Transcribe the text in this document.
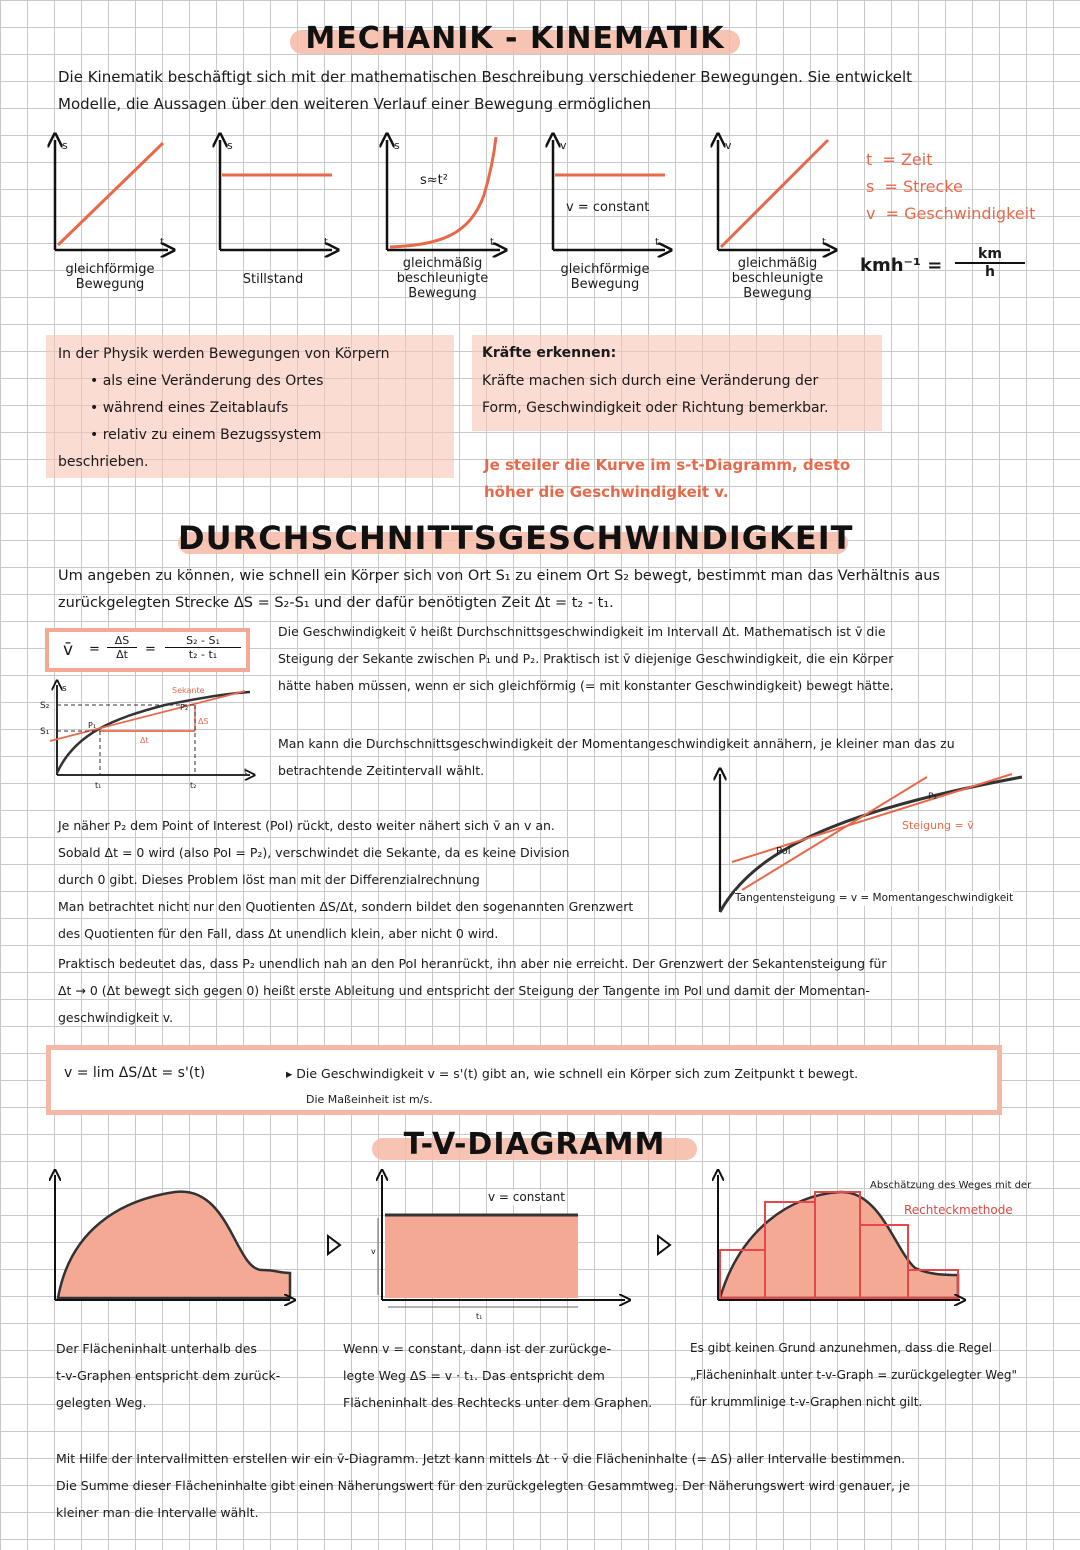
MECHANIK - KINEMATIK
Die Kinematik beschäftigt sich mit der mathematischen Beschreibung verschiedener Bewegungen. Sie entwickelt
Modelle, die Aussagen über den weiteren Verlauf einer Bewegung ermöglichen
s
t
s
t
s
t
s≈t²
v
t
v = constant
v
t
gleichförmige
Bewegung	Stillstand
gleichmäßig
beschleunigte
Bewegung
gleichförmige
Bewegung
gleichmäßig
beschleunigte
Bewegung
t = Zeit
s = Strecke
v = Geschwindigkeit
kmh⁻¹ =
km
h
In der Physik werden Bewegungen von Körpern
• als eine Veränderung des Ortes
• während eines Zeitablaufs
• relativ zu einem Bezugssystem
beschrieben.
Kräfte erkennen:
Kräfte machen sich durch eine Veränderung der
Form, Geschwindigkeit oder Richtung bemerkbar.
Je steiler die Kurve im s-t-Diagramm, desto
höher die Geschwindigkeit v.
DURCHSCHNITTSGESCHWINDIGKEIT
Um angeben zu können, wie schnell ein Körper sich von Ort S₁ zu einem Ort S₂ bewegt, bestimmt man das Verhältnis aus
zurückgelegten Strecke ΔS = S₂-S₁ und der dafür benötigten Zeit Δt = t₂ - t₁.
v̄ =
ΔS
Δt	=
S₂ - S₁
t₂ - t₁
Die Geschwindigkeit v̄ heißt Durchschnittsgeschwindigkeit im Intervall Δt. Mathematisch ist v̄ die
Steigung der Sekante zwischen P₁ und P₂. Praktisch ist v̄ diejenige Geschwindigkeit, die ein Körper
hätte haben müssen, wenn er sich gleichförmig (= mit konstanter Geschwindigkeit) bewegt hätte.
Man kann die Durchschnittsgeschwindigkeit der Momentangeschwindigkeit annähern, je kleiner man das zu
betrachtende Zeitintervall wählt.
s
S₂
S₁
P₁
P₂
Sekante
ΔS
Δt
t₁	t₂
t
P₂
Pol
Steigung = v̄
Tangentensteigung = v = Momentangeschwindigkeit
Je näher P₂ dem Point of Interest (PoI) rückt, desto weiter nähert sich v̄ an v an.
Sobald Δt = 0 wird (also PoI = P₂), verschwindet die Sekante, da es keine Division
durch 0 gibt. Dieses Problem löst man mit der Differenzialrechnung
Man betrachtet nicht nur den Quotienten ΔS/Δt, sondern bildet den sogenannten Grenzwert
des Quotienten für den Fall, dass Δt unendlich klein, aber nicht 0 wird.
Praktisch bedeutet das, dass P₂ unendlich nah an den PoI heranrückt, ihn aber nie erreicht. Der Grenzwert der Sekantensteigung für
Δt → 0 (Δt bewegt sich gegen 0) heißt erste Ableitung und entspricht der Steigung der Tangente im PoI und damit der Momentan-
geschwindigkeit v.
v = lim ΔS/Δt = s'(t)	▸ Die Geschwindigkeit v = s'(t) gibt an, wie schnell ein Körper sich zum Zeitpunkt t bewegt.
Die Maßeinheit ist m/s.
T-V-DIAGRAMM
v = constant
v
t₁
Abschätzung des Weges mit der
Rechteckmethode
Der Flächeninhalt unterhalb des
t-v-Graphen entspricht dem zurück-
gelegten Weg.
Wenn v = constant, dann ist der zurückge-
legte Weg ΔS = v · t₁. Das entspricht dem
Flächeninhalt des Rechtecks unter dem Graphen.
Es gibt keinen Grund anzunehmen, dass die Regel
„Flächeninhalt unter t-v-Graph = zurückgelegter Weg"
für krummlinige t-v-Graphen nicht gilt.
Mit Hilfe der Intervallmitten erstellen wir ein v̄-Diagramm. Jetzt kann mittels Δt · v̄ die Flächeninhalte (= ΔS) aller Intervalle bestimmen.
Die Summe dieser Flächeninhalte gibt einen Näherungswert für den zurückgelegten Gesammtweg. Der Näherungswert wird genauer, je
kleiner man die Intervalle wählt.
